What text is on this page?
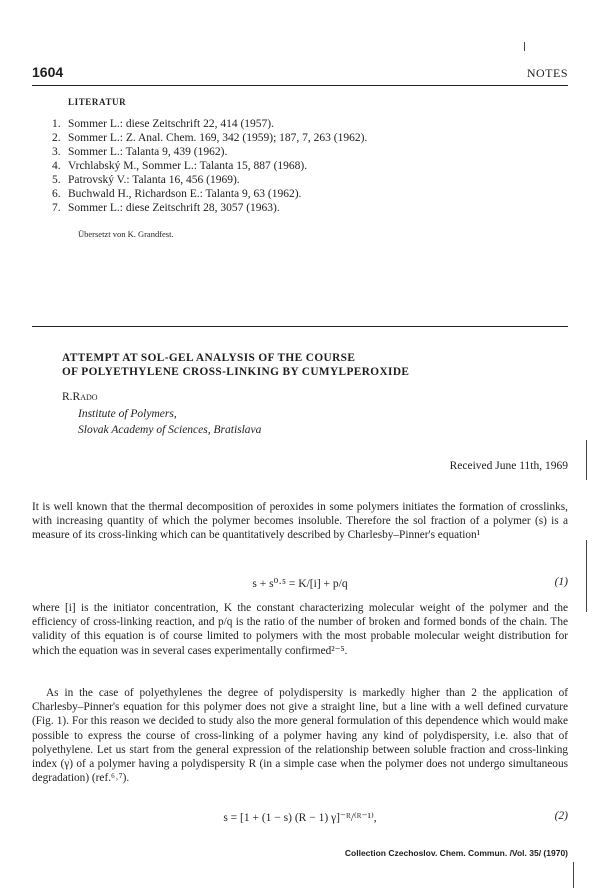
1604	NOTES
LITERATUR
1. Sommer L.: diese Zeitschrift 22, 414 (1957).
2. Sommer L.: Z. Anal. Chem. 169, 342 (1959); 187, 7, 263 (1962).
3. Sommer L.: Talanta 9, 439 (1962).
4. Vrchlabský M., Sommer L.: Talanta 15, 887 (1968).
5. Patrovský V.: Talanta 16, 456 (1969).
6. Buchwald H., Richardson E.: Talanta 9, 63 (1962).
7. Sommer L.: diese Zeitschrift 28, 3057 (1963).
Übersetzt von K. Grandfest.
ATTEMPT AT SOL-GEL ANALYSIS OF THE COURSE
OF POLYETHYLENE CROSS-LINKING BY CUMYLPEROXIDE
R.Rado
Institute of Polymers,
Slovak Academy of Sciences, Bratislava
Received June 11th, 1969

It is well known that the thermal decomposition of peroxides in some polymers initiates the formation of crosslinks, with increasing quantity of which the polymer becomes insoluble. Therefore the sol fraction of a polymer (s) is a measure of its cross-linking which can be quantitatively described by Charlesby–Pinner's equation¹

s + s⁰·⁵ = K/[i] + p/q	(1)

where [i] is the initiator concentration, K the constant characterizing molecular weight of the polymer and the efficiency of cross-linking reaction, and p/q is the ratio of the number of broken and formed bonds of the chain. The validity of this equation is of course limited to polymers with the most probable molecular weight distribution for which the equation was in several cases experimentally confirmed²⁻⁵.

As in the case of polyethylenes the degree of polydispersity is markedly higher than 2 the application of Charlesby–Pinner's equation for this polymer does not give a straight line, but a line with a well defined curvature (Fig. 1). For this reason we decided to study also the more general formulation of this dependence which would make possible to express the course of cross-linking of a polymer having any kind of polydispersity, i.e. also that of polyethylene. Let us start from the general expression of the relationship between soluble fraction and cross-linking index (γ) of a polymer having a polydispersity R (in a simple case when the polymer does not undergo simultaneous degradation) (ref.⁶˒⁷).

s = [1 + (1 − s) (R − 1) γ]⁻ᴿ/⁽ᴿ⁻¹⁾,	(2)
Collection Czechoslov. Chem. Commun. /Vol. 35/ (1970)
